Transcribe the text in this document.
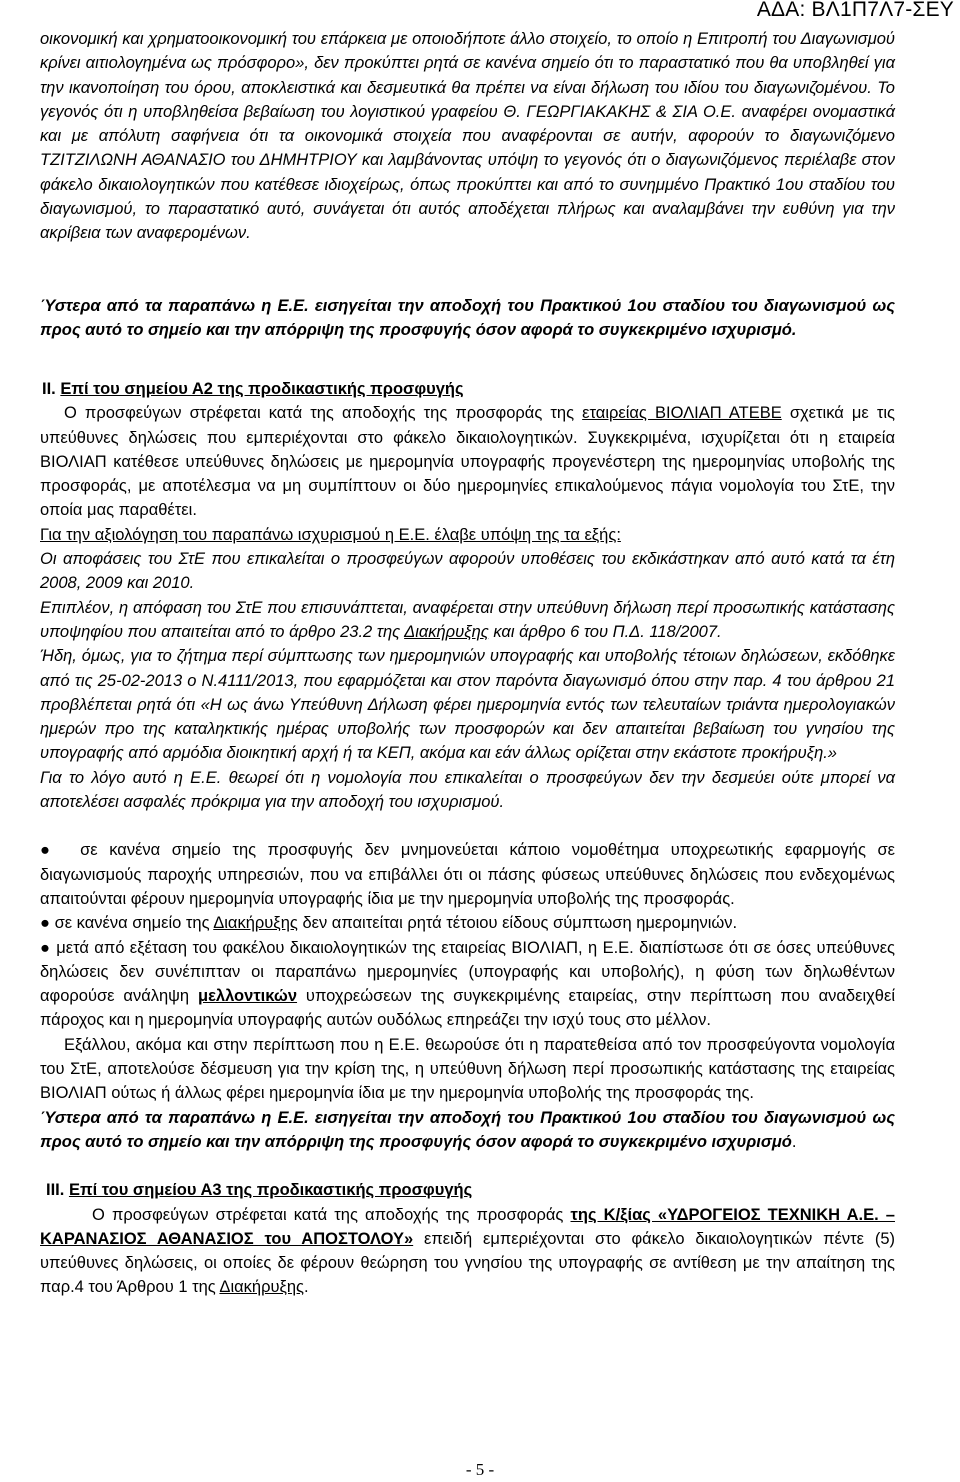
ΑΔΑ: ΒΛ1Π7Λ7-ΣΕΥ

οικονομική και χρηματοοικονομική του επάρκεια με οποιοδήποτε άλλο στοιχείο, το οποίο η Επιτροπή του Διαγωνισμού κρίνει αιτιολογημένα ως πρόσφορο», δεν προκύπτει ρητά σε κανένα σημείο ότι το παραστατικό που θα υποβληθεί για την ικανοποίηση του όρου, αποκλειστικά και δεσμευτικά θα πρέπει να είναι δήλωση του ιδίου του διαγωνιζομένου. Το γεγονός ότι η υποβληθείσα βεβαίωση του λογιστικού γραφείου Θ. ΓΕΩΡΓΙΑΚΑΚΗΣ & ΣΙΑ Ο.Ε. αναφέρει ονομαστικά και με απόλυτη σαφήνεια ότι τα οικονομικά στοιχεία που αναφέρονται σε αυτήν, αφορούν το διαγωνιζόμενο ΤΖΙΤΖΙΛΩΝΗ ΑΘΑΝΑΣΙΟ του ΔΗΜΗΤΡΙΟΥ και λαμβάνοντας υπόψη το γεγονός ότι ο διαγωνιζόμενος περιέλαβε στον φάκελο δικαιολογητικών που κατέθεσε ιδιοχείρως, όπως προκύπτει και από το συνημμένο Πρακτικό 1ου σταδίου του διαγωνισμού, το παραστατικό αυτό, συνάγεται ότι αυτός αποδέχεται πλήρως και αναλαμβάνει την ευθύνη για την ακρίβεια των αναφερομένων.

Ύστερα από τα παραπάνω η Ε.Ε. εισηγείται την αποδοχή του Πρακτικού 1ου σταδίου του διαγωνισμού ως προς αυτό το σημείο και την απόρριψη της προσφυγής όσον αφορά το συγκεκριμένο ισχυρισμό.

ΙΙ. Επί του σημείου Α2 της προδικαστικής προσφυγής

Ο προσφεύγων στρέφεται κατά της αποδοχής της προσφοράς της εταιρείας ΒΙΟΛΙΑΠ ΑΤΕΒΕ σχετικά με τις υπεύθυνες δηλώσεις που εμπεριέχονται στο φάκελο δικαιολογητικών. Συγκεκριμένα, ισχυρίζεται ότι η εταιρεία ΒΙΟΛΙΑΠ κατέθεσε υπεύθυνες δηλώσεις με ημερομηνία υπογραφής προγενέστερη της ημερομηνίας υποβολής της προσφοράς, με αποτέλεσμα να μη συμπίπτουν οι δύο ημερομηνίες επικαλούμενος πάγια νομολογία του ΣτΕ, την οποία μας παραθέτει.

Για την αξιολόγηση του παραπάνω ισχυρισμού η Ε.Ε. έλαβε υπόψη της τα εξής:

Οι αποφάσεις του ΣτΕ που επικαλείται ο προσφεύγων αφορούν υποθέσεις του εκδικάστηκαν από αυτό κατά τα έτη 2008, 2009 και 2010.

Επιπλέον, η απόφαση του ΣτΕ που επισυνάπτεται, αναφέρεται στην υπεύθυνη δήλωση περί προσωπικής κατάστασης υποψηφίου που απαιτείται από το άρθρο 23.2 της Διακήρυξης και άρθρο 6 του Π.Δ. 118/2007.

Ήδη, όμως, για το ζήτημα περί σύμπτωσης των ημερομηνιών υπογραφής και υποβολής τέτοιων δηλώσεων, εκδόθηκε από τις 25-02-2013 ο Ν.4111/2013, που εφαρμόζεται και στον παρόντα διαγωνισμό όπου στην παρ. 4 του άρθρου 21 προβλέπεται ρητά ότι «Η ως άνω Υπεύθυνη Δήλωση φέρει ημερομηνία εντός των τελευταίων τριάντα ημερολογιακών ημερών προ της καταληκτικής ημέρας υποβολής των προσφορών και δεν απαιτείται βεβαίωση του γνησίου της υπογραφής από αρμόδια διοικητική αρχή ή τα ΚΕΠ, ακόμα και εάν άλλως ορίζεται στην εκάστοτε προκήρυξη.»

Για το λόγο αυτό η Ε.Ε. θεωρεί ότι η νομολογία που επικαλείται ο προσφεύγων δεν την δεσμεύει ούτε μπορεί να αποτελέσει ασφαλές πρόκριμα για την αποδοχή του ισχυρισμού.

● σε κανένα σημείο της προσφυγής δεν μνημονεύεται κάποιο νομοθέτημα υποχρεωτικής εφαρμογής σε διαγωνισμούς παροχής υπηρεσιών, που να επιβάλλει ότι οι πάσης φύσεως υπεύθυνες δηλώσεις που ενδεχομένως απαιτούνται φέρουν ημερομηνία υπογραφής ίδια με την ημερομηνία υποβολής της προσφοράς.

● σε κανένα σημείο της Διακήρυξης δεν απαιτείται ρητά τέτοιου είδους σύμπτωση ημερομηνιών.

● μετά από εξέταση του φακέλου δικαιολογητικών της εταιρείας ΒΙΟΛΙΑΠ, η Ε.Ε. διαπίστωσε ότι σε όσες υπεύθυνες δηλώσεις δεν συνέπιπταν οι παραπάνω ημερομηνίες (υπογραφής και υποβολής), η φύση των δηλωθέντων αφορούσε ανάληψη μελλοντικών υποχρεώσεων της συγκεκριμένης εταιρείας, στην περίπτωση που αναδειχθεί πάροχος και η ημερομηνία υπογραφής αυτών ουδόλως επηρεάζει την ισχύ τους στο μέλλον.

Εξάλλου, ακόμα και στην περίπτωση που η Ε.Ε. θεωρούσε ότι η παρατεθείσα από τον προσφεύγοντα νομολογία του ΣτΕ, αποτελούσε δέσμευση για την κρίση της, η υπεύθυνη δήλωση περί προσωπικής κατάστασης της εταιρείας ΒΙΟΛΙΑΠ ούτως ή άλλως φέρει ημερομηνία ίδια με την ημερομηνία υποβολής της προσφοράς της.

Ύστερα από τα παραπάνω η Ε.Ε. εισηγείται την αποδοχή του Πρακτικού 1ου σταδίου του διαγωνισμού ως προς αυτό το σημείο και την απόρριψη της προσφυγής όσον αφορά το συγκεκριμένο ισχυρισμό.

ΙΙΙ. Επί του σημείου Α3 της προδικαστικής προσφυγής

Ο προσφεύγων στρέφεται κατά της αποδοχής της προσφοράς της Κ/ξίας «ΥΔΡΟΓΕΙΟΣ ΤΕΧΝΙΚΗ Α.Ε. – ΚΑΡΑΝΑΣΙΟΣ ΑΘΑΝΑΣΙΟΣ του ΑΠΟΣΤΟΛΟΥ» επειδή εμπεριέχονται στο φάκελο δικαιολογητικών πέντε (5) υπεύθυνες δηλώσεις, οι οποίες δε φέρουν θεώρηση του γνησίου της υπογραφής σε αντίθεση με την απαίτηση της παρ.4 του Άρθρου 1 της Διακήρυξης.

- 5 -
